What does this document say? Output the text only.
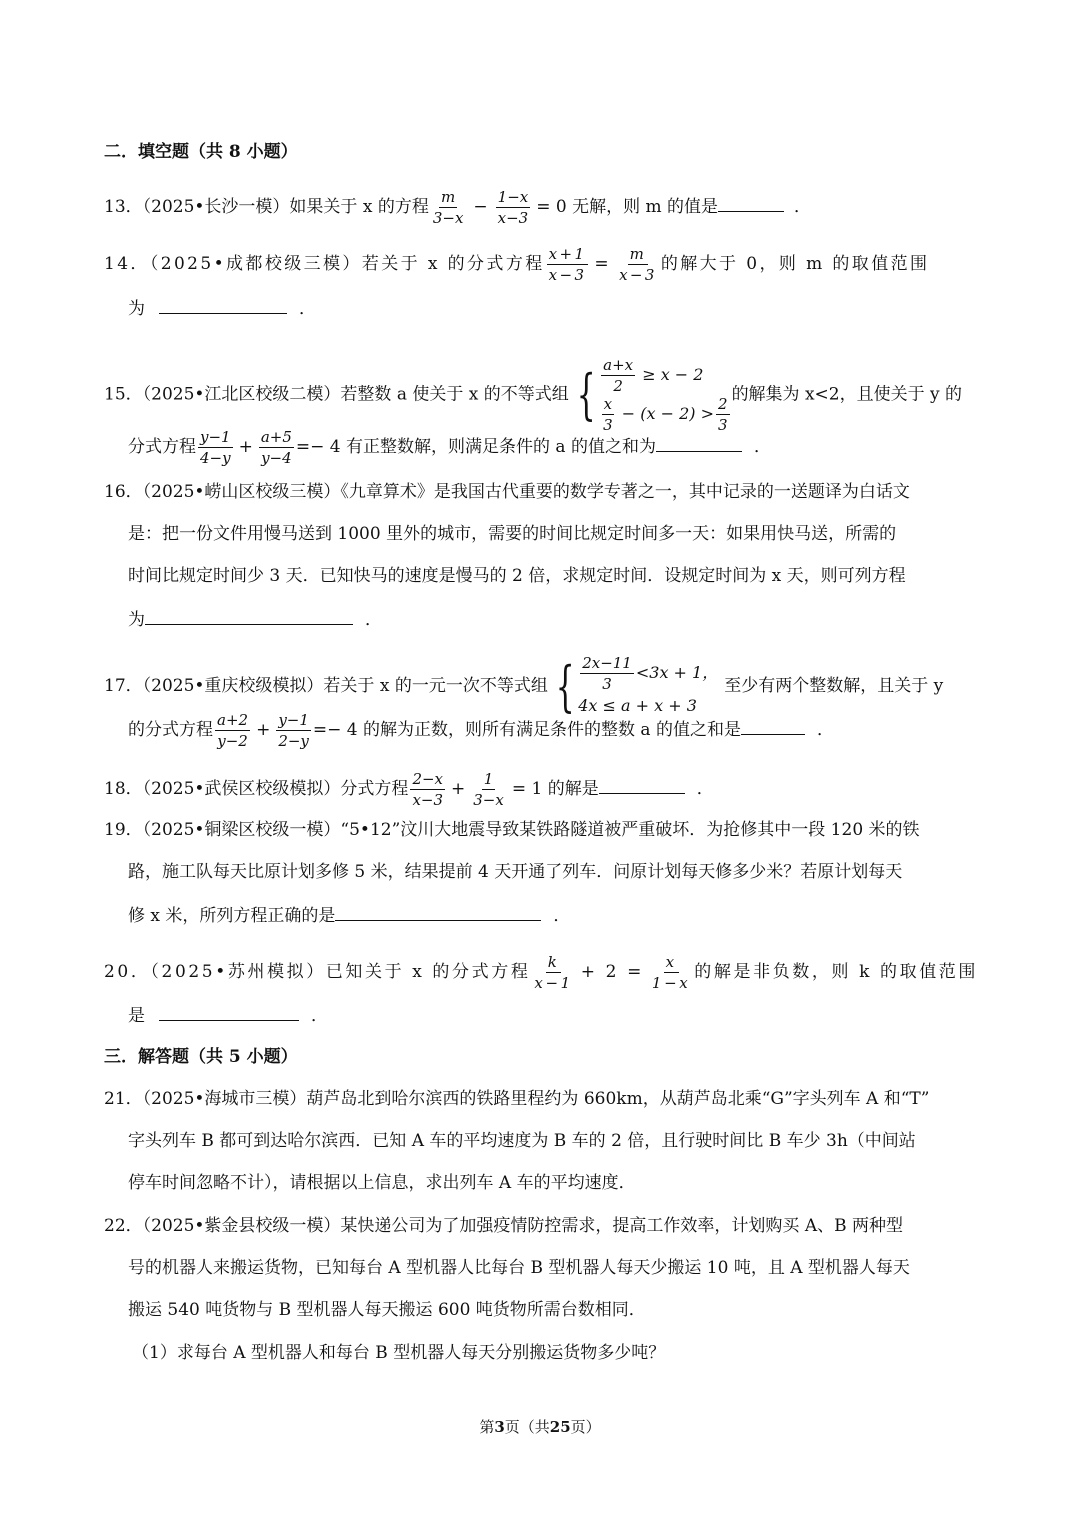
二．填空题（共 8 小题）
13．（2025•长沙一模）如果关于 x 的方程 $\frac{m}{3-x} - \frac{1-x}{x-3} = 0$ 无解，则 m 的值是	．
14．（2025•成都校级三模）若关于 x 的分式方程 $\frac{x+1}{x-3} = \frac{m}{x-3}$ 的解大于 0，则 m 的取值范围
为	．
15．（2025•江北区校级二模）若整数 a 使关于 x 的不等式组 { $\frac{a+x}{2} \ge x - 2$
$\frac{x}{3} - (x - 2) > \frac{2}{3}$
的解集为 x<2，且使关于 y 的
分式方程 $\frac{y-1}{4-y} + \frac{a+5}{y-4} =- 4$ 有正整数解，则满足条件的 a 的值之和为	．
16．（2025•崂山区校级三模）《九章算术》是我国古代重要的数学专著之一，其中记录的一送题译为白话文
是：把一份文件用慢马送到 1000 里外的城市，需要的时间比规定时间多一天：如果用快马送，所需的
时间比规定时间少 3 天．已知快马的速度是慢马的 2 倍，求规定时间．设规定时间为 x 天，则可列方程
为	．
17．（2025•重庆校级模拟）若关于 x 的一元一次不等式组 { $\frac{2x-11}{3} <3x + 1$，
4x ≤ a + x + 3
至少有两个整数解，且关于 y
的分式方程 $\frac{a+2}{y-2} + \frac{y-1}{2-y} =- 4$ 的解为正数，则所有满足条件的整数 a 的值之和是	．
18．（2025•武侯区校级模拟）分式方程 $\frac{2-x}{x-3} + \frac{1}{3-x} = 1$ 的解是	．
19．（2025•铜梁区校级一模）“5•12”汶川大地震导致某铁路隧道被严重破坏．为抢修其中一段 120 米的铁
路，施工队每天比原计划多修 5 米，结果提前 4 天开通了列车．问原计划每天修多少米？若原计划每天
修 x 米，所列方程正确的是	．
20．（2025•苏州模拟）已知关于 x 的分式方程 $\frac{k}{x-1} + 2 = \frac{x}{1-x}$ 的解是非负数，则 k 的取值范围
是	．
三．解答题（共 5 小题）
21．（2025•海城市三模）葫芦岛北到哈尔滨西的铁路里程约为 660km，从葫芦岛北乘“G”字头列车 A 和“T”
字头列车 B 都可到达哈尔滨西．已知 A 车的平均速度为 B 车的 2 倍，且行驶时间比 B 车少 3h（中间站
停车时间忽略不计），请根据以上信息，求出列车 A 车的平均速度．
22．（2025•紫金县校级一模）某快递公司为了加强疫情防控需求，提高工作效率，计划购买 A、B 两种型
号的机器人来搬运货物，已知每台 A 型机器人比每台 B 型机器人每天少搬运 10 吨，且 A 型机器人每天
搬运 540 吨货物与 B 型机器人每天搬运 600 吨货物所需台数相同．
（1）求每台 A 型机器人和每台 B 型机器人每天分别搬运货物多少吨？
第3页（共25页）
